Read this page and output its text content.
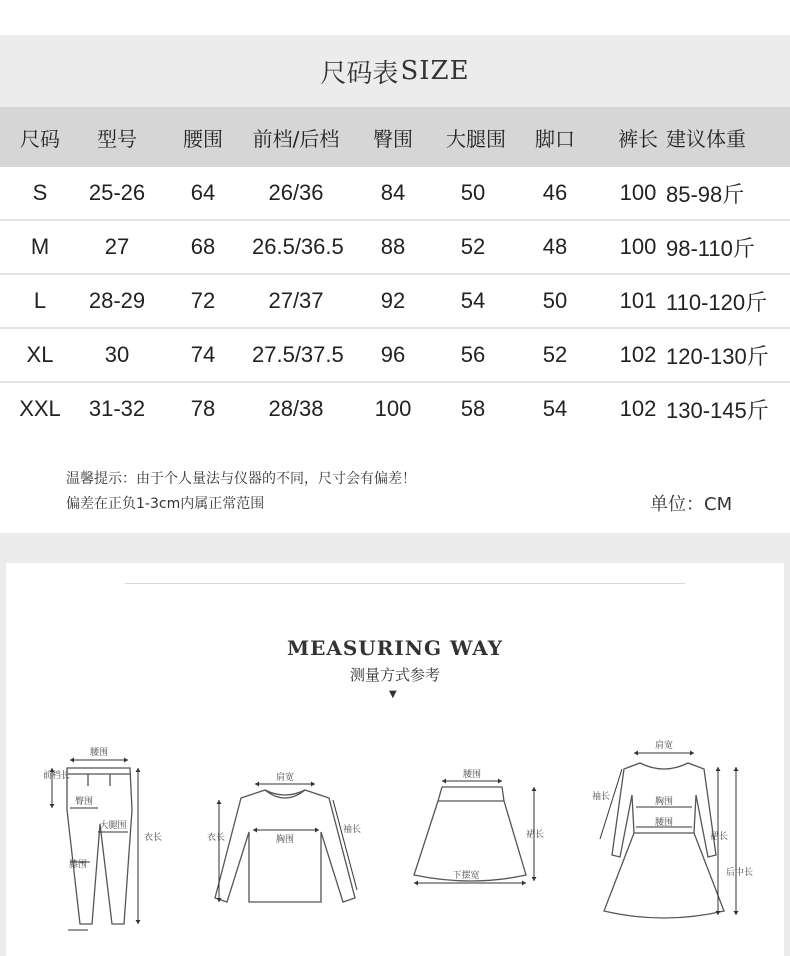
尺码表 SIZE
尺码	型号	腰围	前档/后档	臀围	大腿围	脚口	裤长 建议体重
S	25-26	64	26/36	84	50	46	100 85-98斤
M	27	68	26.5/36.5	88	52	48	100 98-110斤
L	28-29	72	27/37	92	54	50	101 110-120斤
XL	30	74	27.5/37.5	96	56	52	102 120-130斤
XXL	31-32	78	28/38	100	58	54	102 130-145斤
温馨提示：由于个人量法与仪器的不同，尺寸会有偏差！
偏差在正负1-3cm内属正常范围	单位：CM
MEASURING WAY
测量方式参考
▼
腰围
前档长
臀围
大腿围
膝围
衣长
肩宽
胸围
衣长
袖长
腰围
裙长
下摆宽
肩宽
袖长	胸围
腰围
裙长
后中长
